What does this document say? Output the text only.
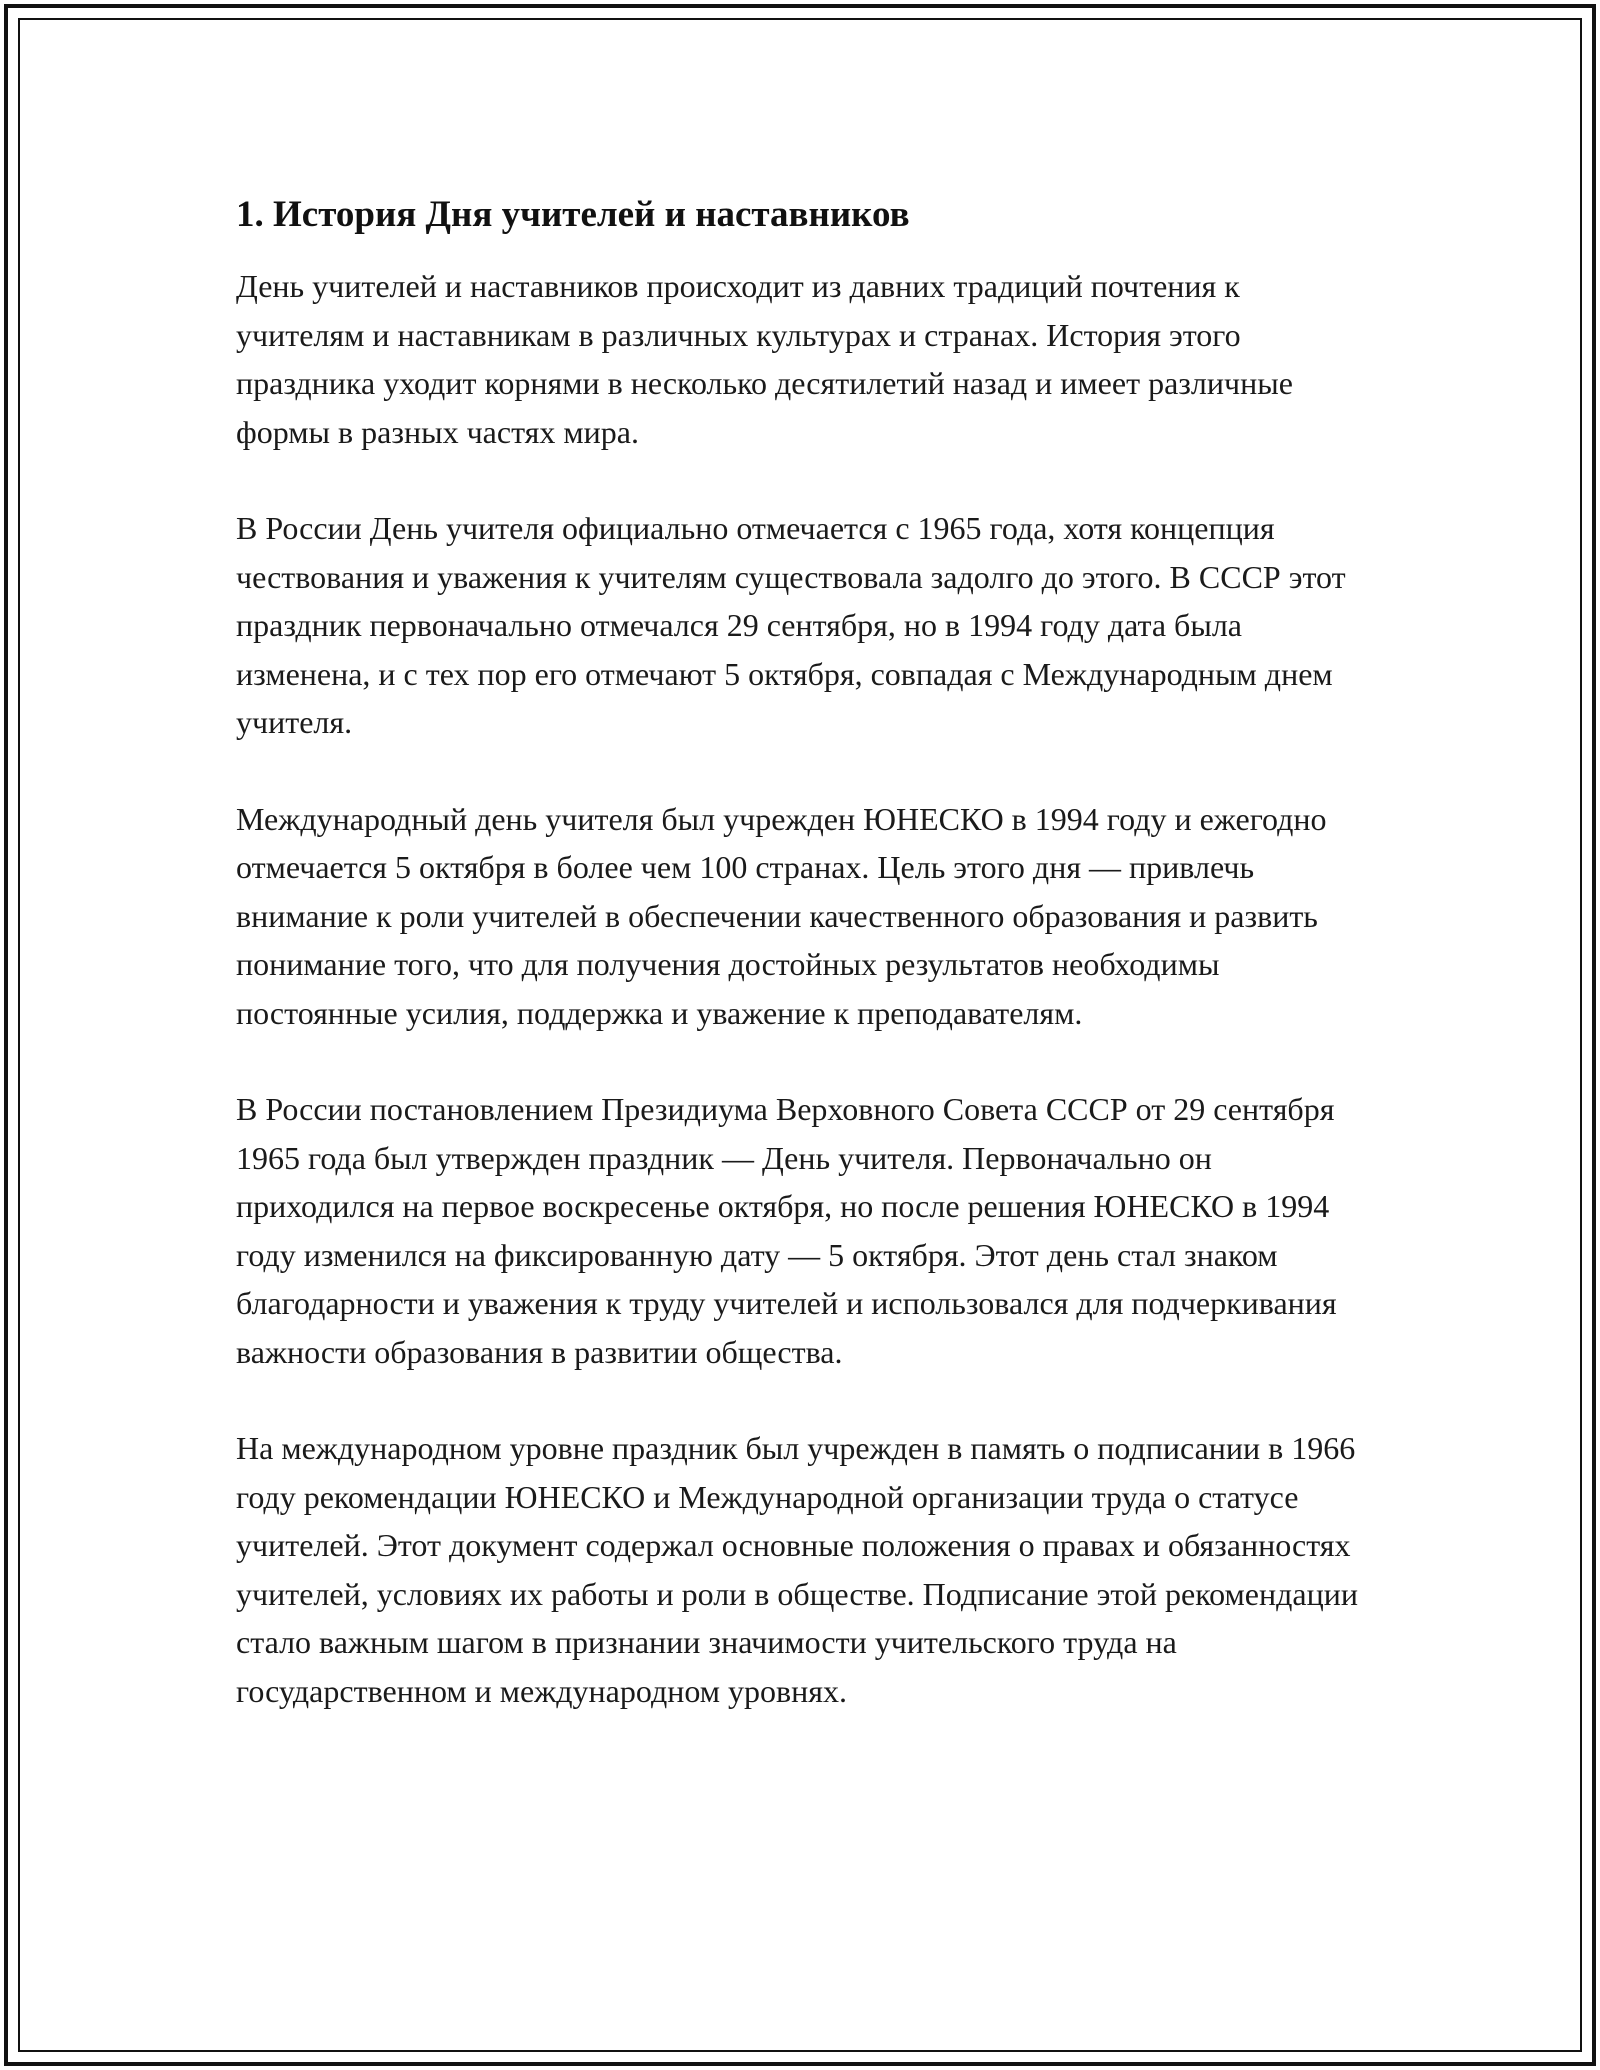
1. История Дня учителей и наставников

День учителей и наставников происходит из давних традиций почтения к учителям и наставникам в различных культурах и странах. История этого праздника уходит корнями в несколько десятилетий назад и имеет различные формы в разных частях мира.

В России День учителя официально отмечается с 1965 года, хотя концепция чествования и уважения к учителям существовала задолго до этого. В СССР этот праздник первоначально отмечался 29 сентября, но в 1994 году дата была изменена, и с тех пор его отмечают 5 октября, совпадая с Международным днем учителя.

Международный день учителя был учрежден ЮНЕСКО в 1994 году и ежегодно отмечается 5 октября в более чем 100 странах. Цель этого дня — привлечь внимание к роли учителей в обеспечении качественного образования и развить понимание того, что для получения достойных результатов необходимы постоянные усилия, поддержка и уважение к преподавателям.

В России постановлением Президиума Верховного Совета СССР от 29 сентября 1965 года был утвержден праздник — День учителя. Первоначально он приходился на первое воскресенье октября, но после решения ЮНЕСКО в 1994 году изменился на фиксированную дату — 5 октября. Этот день стал знаком благодарности и уважения к труду учителей и использовался для подчеркивания важности образования в развитии общества.

На международном уровне праздник был учрежден в память о подписании в 1966 году рекомендации ЮНЕСКО и Международной организации труда о статусе учителей. Этот документ содержал основные положения о правах и обязанностях учителей, условиях их работы и роли в обществе. Подписание этой рекомендации стало важным шагом в признании значимости учительского труда на государственном и международном уровнях.
